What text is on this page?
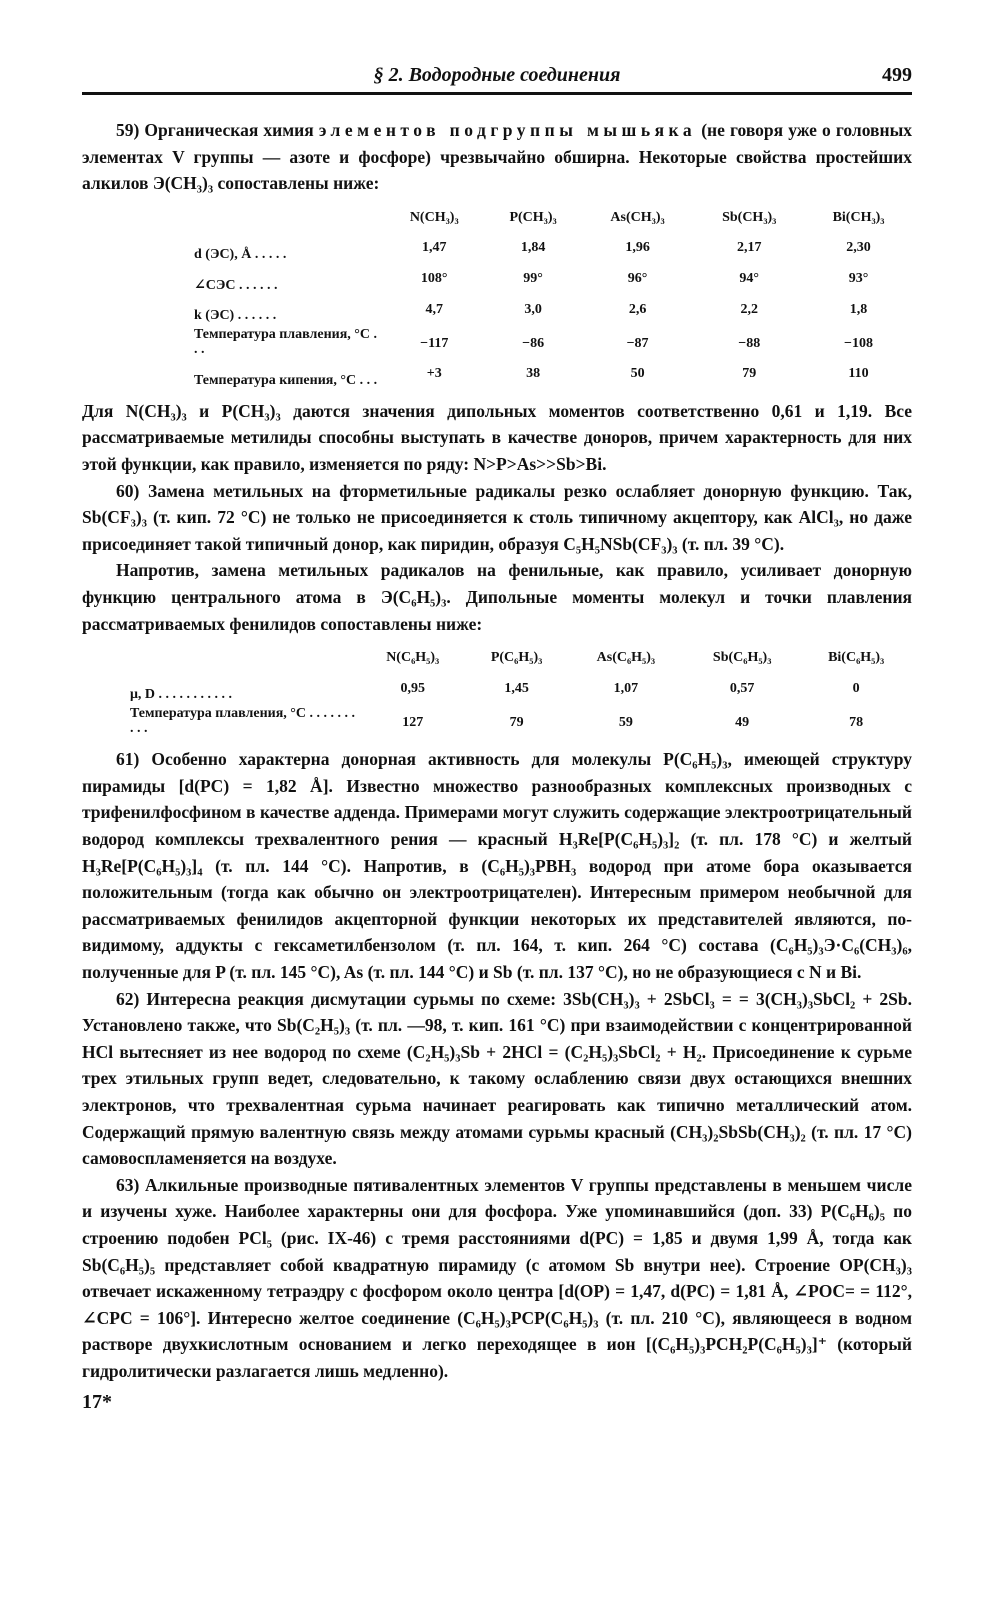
§ 2. Водородные соединения	499

59) Органическая химия элементов подгруппы мышьяка (не говоря уже о головных элементах V группы — азоте и фосфоре) чрезвычайно обширна. Некоторые свойства простейших алкилов Э(CH₃)₃ сопоставлены ниже:

	N(CH₃)₃	P(CH₃)₃	As(CH₃)₃	Sb(CH₃)₃	Bi(CH₃)₃
d (ЭC), Å . . . . .	1,47	1,84	1,96	2,17	2,30
∠CЭC . . . . . .	108°	99°	96°	94°	93°
k (ЭC) . . . . . .	4,7	3,0	2,6	2,2	1,8
Температура плавления, °C . . .	−117	−86	−87	−88	−108
Температура кипения, °C . . .	+3	38	50	79	110

Для N(CH₃)₃ и P(CH₃)₃ даются значения дипольных моментов соответственно 0,61 и 1,19. Все рассматриваемые метилиды способны выступать в качестве доноров, причем характерность для них этой функции, как правило, изменяется по ряду: N>P>As>>Sb>Bi.

60) Замена метильных на фторметильные радикалы резко ослабляет донорную функцию. Так, Sb(CF₃)₃ (т. кип. 72 °C) не только не присоединяется к столь типичному акцептору, как AlCl₃, но даже присоединяет такой типичный донор, как пиридин, образуя C₅H₅NSb(CF₃)₃ (т. пл. 39 °C).

Напротив, замена метильных радикалов на фенильные, как правило, усиливает донорную функцию центрального атома в Э(C₆H₅)₃. Дипольные моменты молекул и точки плавления рассматриваемых фенилидов сопоставлены ниже:

	N(C₆H₅)₃	P(C₆H₅)₃	As(C₆H₅)₃	Sb(C₆H₅)₃	Bi(C₆H₅)₃
μ, D . . . . . . . . . . .	0,95	1,45	1,07	0,57	0
Температура плавления, °C . . . . . . . . . .	127	79	59	49	78

61) Особенно характерна донорная активность для молекулы P(C₆H₅)₃, имеющей структуру пирамиды [d(PC) = 1,82 Å]. Известно множество разнообразных комплексных производных с трифенилфосфином в качестве адденда. Примерами могут служить содержащие электроотрицательный водород комплексы трехвалентного рения — красный H₃Re[P(C₆H₅)₃]₂ (т. пл. 178 °C) и желтый H₃Re[P(C₆H₅)₃]₄ (т. пл. 144 °C). Напротив, в (C₆H₅)₃PBH₃ водород при атоме бора оказывается положительным (тогда как обычно он электроотрицателен). Интересным примером необычной для рассматриваемых фенилидов акцепторной функции некоторых их представителей являются, по-видимому, аддукты с гексаметилбензолом (т. пл. 164, т. кип. 264 °C) состава (C₆H₅)₃Э·C₆(CH₃)₆, полученные для P (т. пл. 145 °C), As (т. пл. 144 °C) и Sb (т. пл. 137 °C), но не образующиеся с N и Bi.

62) Интересна реакция дисмутации сурьмы по схеме: 3Sb(CH₃)₃ + 2SbCl₃ = = 3(CH₃)₃SbCl₂ + 2Sb. Установлено также, что Sb(C₂H₅)₃ (т. пл. —98, т. кип. 161 °C) при взаимодействии с концентрированной HCl вытесняет из нее водород по схеме (C₂H₅)₃Sb + 2HCl = (C₂H₅)₃SbCl₂ + H₂. Присоединение к сурьме трех этильных групп ведет, следовательно, к такому ослаблению связи двух остающихся внешних электронов, что трехвалентная сурьма начинает реагировать как типично металлический атом. Содержащий прямую валентную связь между атомами сурьмы красный (CH₃)₂SbSb(CH₃)₂ (т. пл. 17 °C) самовоспламеняется на воздухе.

63) Алкильные производные пятивалентных элементов V группы представлены в меньшем числе и изучены хуже. Наиболее характерны они для фосфора. Уже упоминавшийся (доп. 33) P(C₆H₆)₅ по строению подобен PCl₅ (рис. IX-46) с тремя расстояниями d(PC) = 1,85 и двумя 1,99 Å, тогда как Sb(C₆H₅)₅ представляет собой квадратную пирамиду (с атомом Sb внутри нее). Строение OP(CH₃)₃ отвечает искаженному тетраэдру с фосфором около центра [d(OP) = 1,47, d(PC) = 1,81 Å, ∠POC= = 112°, ∠CPC = 106°]. Интересно желтое соединение (C₆H₅)₃PCP(C₆H₅)₃ (т. пл. 210 °C), являющееся в водном растворе двухкислотным основанием и легко переходящее в ион [(C₆H₅)₃PCH₂P(C₆H₅)₃]⁺ (который гидролитически разлагается лишь медленно).

17*
